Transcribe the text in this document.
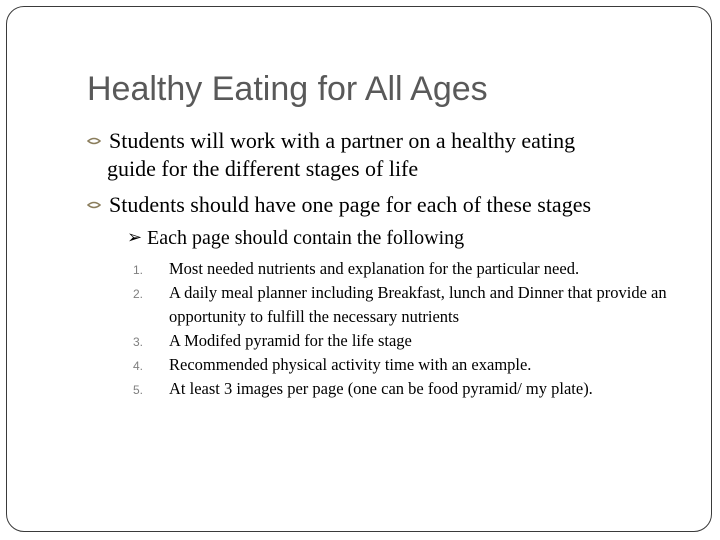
Healthy Eating for All Ages
Students will work with a partner on a healthy eating
guide for the different stages of life
Students should have one page for each of these stages
➢ Each page should contain the following
1. Most needed nutrients and explanation for the particular need.
2. A daily meal planner including Breakfast, lunch and Dinner that provide an opportunity to fulfill the necessary nutrients
3. A Modifed pyramid for the life stage
4. Recommended physical activity time with an example.
5. At least 3 images per page (one can be food pyramid/ my plate).
